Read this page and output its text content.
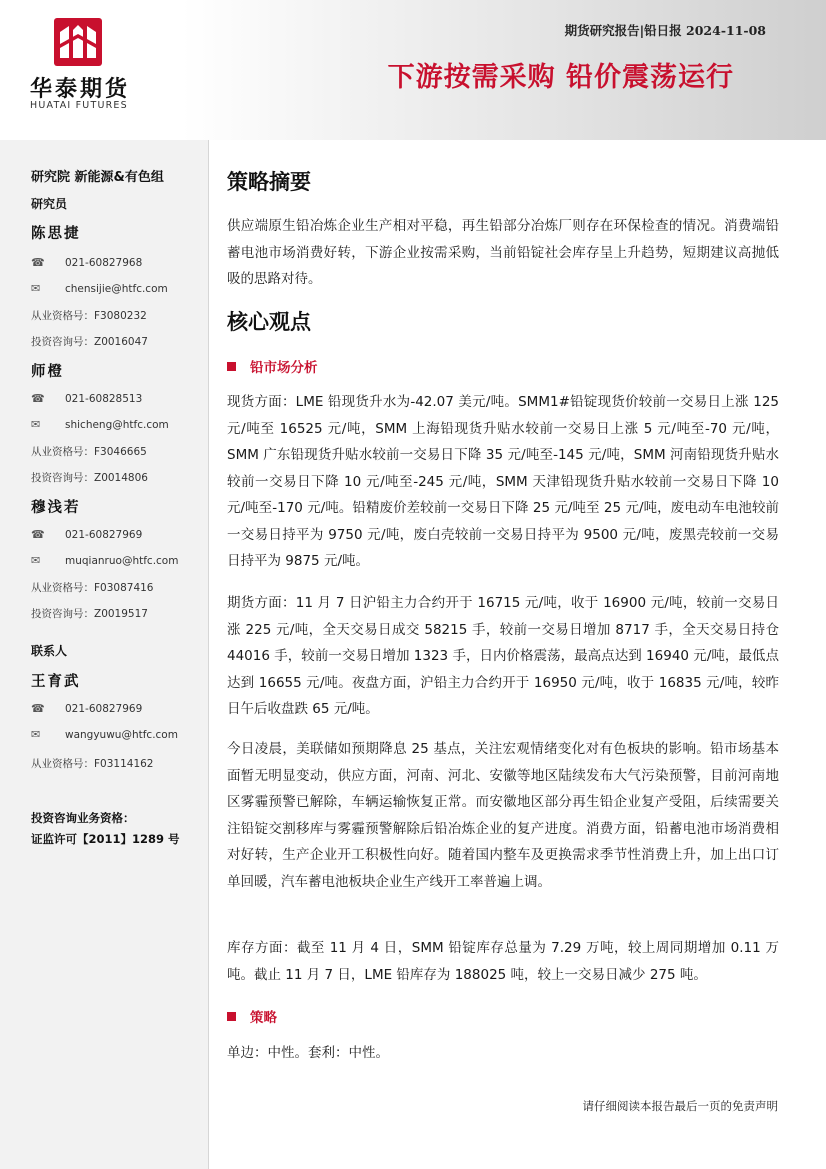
华泰期货
HUATAI FUTURES
期货研究报告|铅日报 2024-11-08
下游按需采购 铅价震荡运行
研究院 新能源&有色组
研究员
陈思捷
☎ 021-60827968
✉ chensijie@htfc.com
从业资格号：F3080232
投资咨询号：Z0016047
师橙
☎ 021-60828513
✉ shicheng@htfc.com
从业资格号：F3046665
投资咨询号：Z0014806
穆浅若
☎ 021-60827969
✉ muqianruo@htfc.com
从业资格号：F03087416
投资咨询号：Z0019517
联系人
王育武
☎ 021-60827969
✉ wangyuwu@htfc.com
从业资格号：F03114162
投资咨询业务资格：
证监许可【2011】1289 号
策略摘要

供应端原生铅冶炼企业生产相对平稳，再生铅部分冶炼厂则存在环保检查的情况。消费端铅蓄电池市场消费好转，下游企业按需采购，当前铅锭社会库存呈上升趋势，短期建议高抛低吸的思路对待。

核心观点
铅市场分析

现货方面：LME 铅现货升水为-42.07 美元/吨。SMM1#铅锭现货价较前一交易日上涨 125 元/吨至 16525 元/吨，SMM 上海铅现货升贴水较前一交易日上涨 5 元/吨至-70 元/吨，SMM 广东铅现货升贴水较前一交易日下降 35 元/吨至-145 元/吨，SMM 河南铅现货升贴水较前一交易日下降 10 元/吨至-245 元/吨，SMM 天津铅现货升贴水较前一交易日下降 10 元/吨至-170 元/吨。铅精废价差较前一交易日下降 25 元/吨至 25 元/吨，废电动车电池较前一交易日持平为 9750 元/吨，废白壳较前一交易日持平为 9500 元/吨，废黑壳较前一交易日持平为 9875 元/吨。

期货方面：11 月 7 日沪铅主力合约开于 16715 元/吨，收于 16900 元/吨，较前一交易日涨 225 元/吨，全天交易日成交 58215 手，较前一交易日增加 8717 手，全天交易日持仓 44016 手，较前一交易日增加 1323 手，日内价格震荡，最高点达到 16940 元/吨，最低点达到 16655 元/吨。夜盘方面，沪铅主力合约开于 16950 元/吨，收于 16835 元/吨，较昨日午后收盘跌 65 元/吨。

今日凌晨，美联储如预期降息 25 基点，关注宏观情绪变化对有色板块的影响。铅市场基本面暂无明显变动，供应方面，河南、河北、安徽等地区陆续发布大气污染预警，目前河南地区雾霾预警已解除，车辆运输恢复正常。而安徽地区部分再生铅企业复产受阻，后续需要关注铅锭交割移库与雾霾预警解除后铅冶炼企业的复产进度。消费方面，铅蓄电池市场消费相对好转，生产企业开工积极性向好。随着国内整车及更换需求季节性消费上升，加上出口订单回暖，汽车蓄电池板块企业生产线开工率普遍上调。

库存方面：截至 11 月 4 日，SMM 铅锭库存总量为 7.29 万吨，较上周同期增加 0.11 万吨。截止 11 月 7 日，LME 铅库存为 188025 吨，较上一交易日减少 275 吨。

策略

单边：中性。套利：中性。

请仔细阅读本报告最后一页的免责声明
